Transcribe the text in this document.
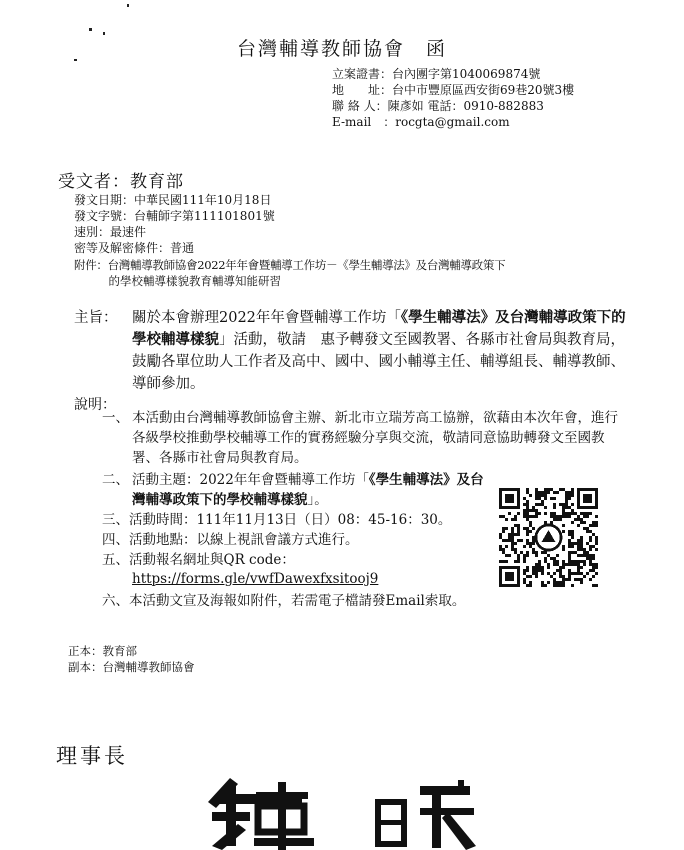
台灣輔導教師協會　函
立案證書：台內團字第1040069874號
地　　址：台中市豐原區西安街69巷20號3樓
聯 絡 人：陳彥如 電話：0910-882883
E-mail　：rocgta@gmail.com
受文者：教育部
發文日期：中華民國111年10月18日
發文字號：台輔師字第111101801號
速別：最速件
密等及解密條件：普通
附件：台灣輔導教師協會2022年年會暨輔導工作坊－《學生輔導法》及台灣輔導政策下
　　　的學校輔導樣貌教育輔導知能研習
主旨： 關於本會辦理2022年年會暨輔導工作坊「《學生輔導法》及台灣輔導政策下的學校輔導樣貌」活動，敬請　惠予轉發文至國教署、各縣市社會局與教育局，鼓勵各單位助人工作者及高中、國中、國小輔導主任、輔導組長、輔導教師、導師參加。
說明：
一、 本活動由台灣輔導教師協會主辦、新北市立瑞芳高工協辦，欲藉由本次年會，進行各級學校推動學校輔導工作的實務經驗分享與交流，敬請同意協助轉發文至國教署、各縣市社會局與教育局。
二、 活動主題：2022年年會暨輔導工作坊「《學生輔導法》及台灣輔導政策下的學校輔導樣貌」。
三、活動時間：111年11月13日（日）08：45-16：30。
四、活動地點：以線上視訊會議方式進行。
五、活動報名網址與QR code：
https://forms.gle/vwfDawexfxsitooj9
六、本活動文宣及海報如附件，若需電子檔請發Email索取。
正本：教育部
副本：台灣輔導教師協會
理事長
